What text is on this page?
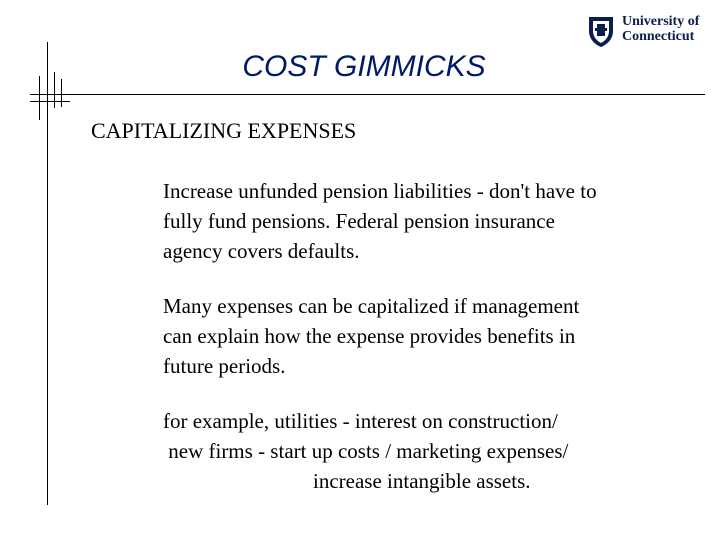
University of
Connecticut
COST GIMMICKS
CAPITALIZING EXPENSES
Increase unfunded pension liabilities - don't have to
fully fund pensions. Federal pension insurance
agency covers defaults.
Many expenses can be capitalized if management
can explain how the expense provides benefits in
future periods.
for example, utilities - interest on construction/
new firms - start up costs / marketing expenses/
increase intangible assets.
